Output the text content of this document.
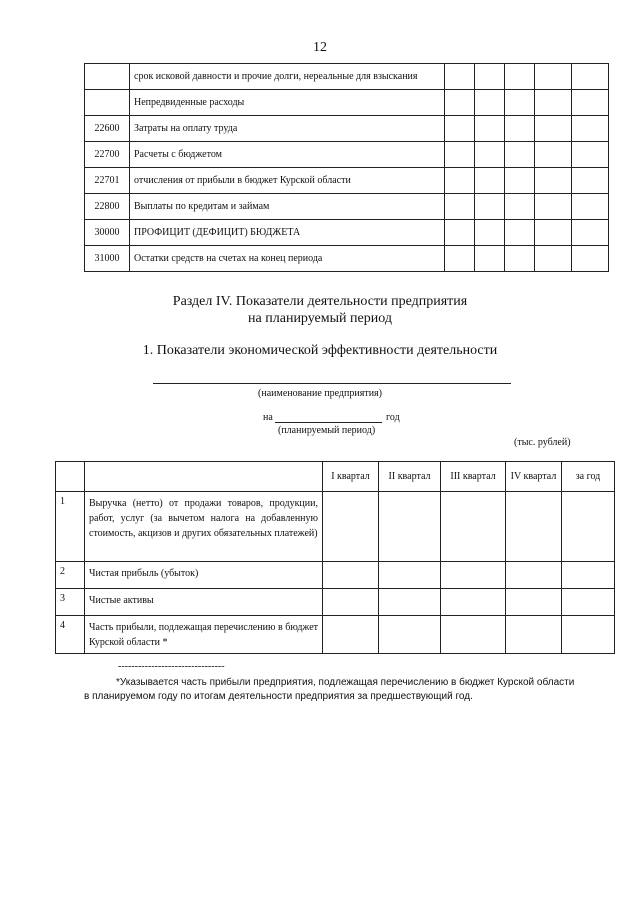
12
	срок исковой давности и прочие долги, нереальные для взыскания					
	Непредвиденные расходы					
22600	Затраты на оплату труда					
22700	Расчеты с бюджетом					
22701	отчисления от прибыли в бюджет Курской области					
22800	Выплаты по кредитам и займам					
30000	ПРОФИЦИТ (ДЕФИЦИТ) БЮДЖЕТА					
31000	Остатки средств на счетах на конец периода					
Раздел IV. Показатели деятельности предприятия
на планируемый период
1. Показатели экономической эффективности деятельности
(наименование предприятия)
на	год
(планируемый период)
(тыс. рублей)
		I квартал	II квартал	III квартал	IV квартал	за год
1	Выручка (нетто) от продажи товаров, продукции, работ, услуг (за вычетом налога на добавленную стоимость, акцизов и других обязательных платежей)					
2	Чистая прибыль (убыток)					
3	Чистые активы					
4	Часть прибыли, подлежащая перечислению в бюджет Курской области *					
--------------------------------
*Указывается часть прибыли предприятия, подлежащая перечислению в бюджет Курской области
в планируемом году по итогам деятельности предприятия за предшествующий год.
